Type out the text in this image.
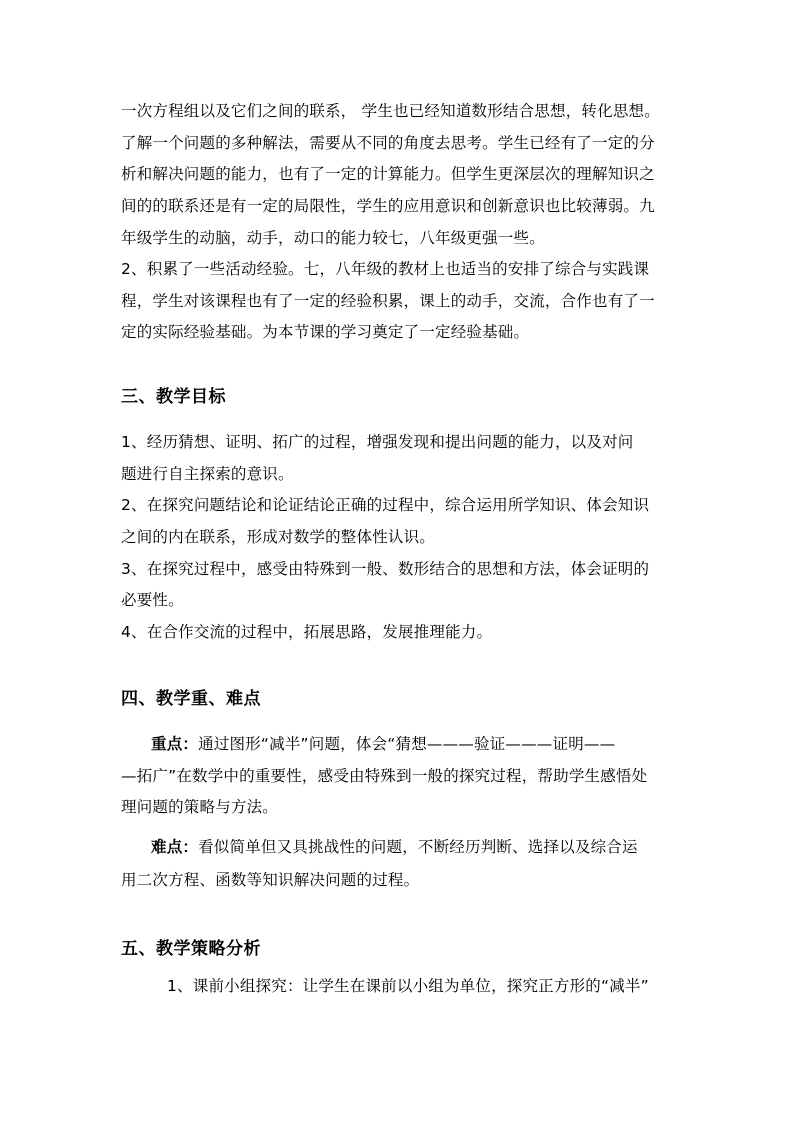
一次方程组以及它们之间的联系， 学生也已经知道数形结合思想，转化思想。
了解一个问题的多种解法，需要从不同的角度去思考。学生已经有了一定的分
析和解决问题的能力，也有了一定的计算能力。但学生更深层次的理解知识之
间的的联系还是有一定的局限性，学生的应用意识和创新意识也比较薄弱。九
年级学生的动脑，动手，动口的能力较七，八年级更强一些。
2、积累了一些活动经验。七，八年级的教材上也适当的安排了综合与实践课
程，学生对该课程也有了一定的经验积累，课上的动手，交流，合作也有了一
定的实际经验基础。为本节课的学习奠定了一定经验基础。
三、教学目标
1、经历猜想、证明、拓广的过程，增强发现和提出问题的能力，以及对问
题进行自主探索的意识。
2、在探究问题结论和论证结论正确的过程中，综合运用所学知识、体会知识
之间的内在联系，形成对数学的整体性认识。
3、在探究过程中，感受由特殊到一般、数形结合的思想和方法，体会证明的
必要性。
4、在合作交流的过程中，拓展思路，发展推理能力。
四、教学重、难点
重点：通过图形“减半”问题，体会“猜想———验证———证明——
—拓广”在数学中的重要性，感受由特殊到一般的探究过程，帮助学生感悟处
理问题的策略与方法。
难点：看似简单但又具挑战性的问题，不断经历判断、选择以及综合运
用二次方程、函数等知识解决问题的过程。
五、教学策略分析
1、课前小组探究：让学生在课前以小组为单位，探究正方形的“减半”
